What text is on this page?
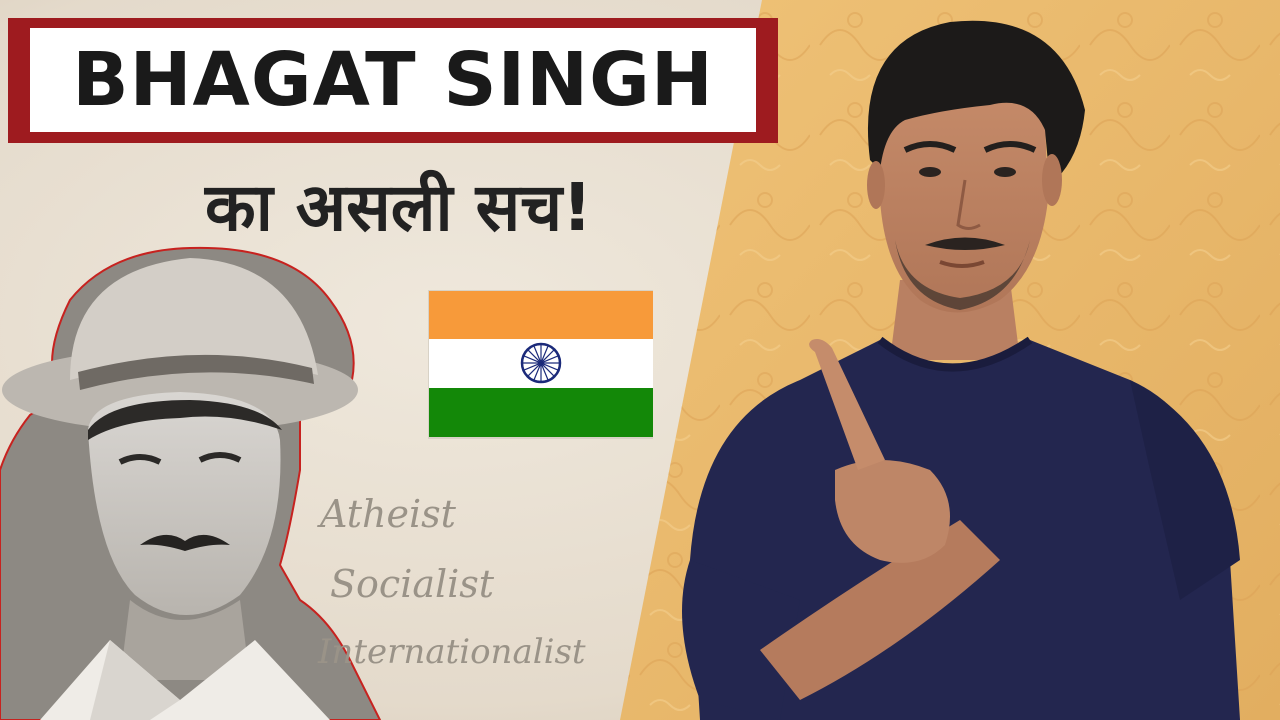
BHAGAT SINGH
का असली सच!
Atheist
Socialist
Internationalist
